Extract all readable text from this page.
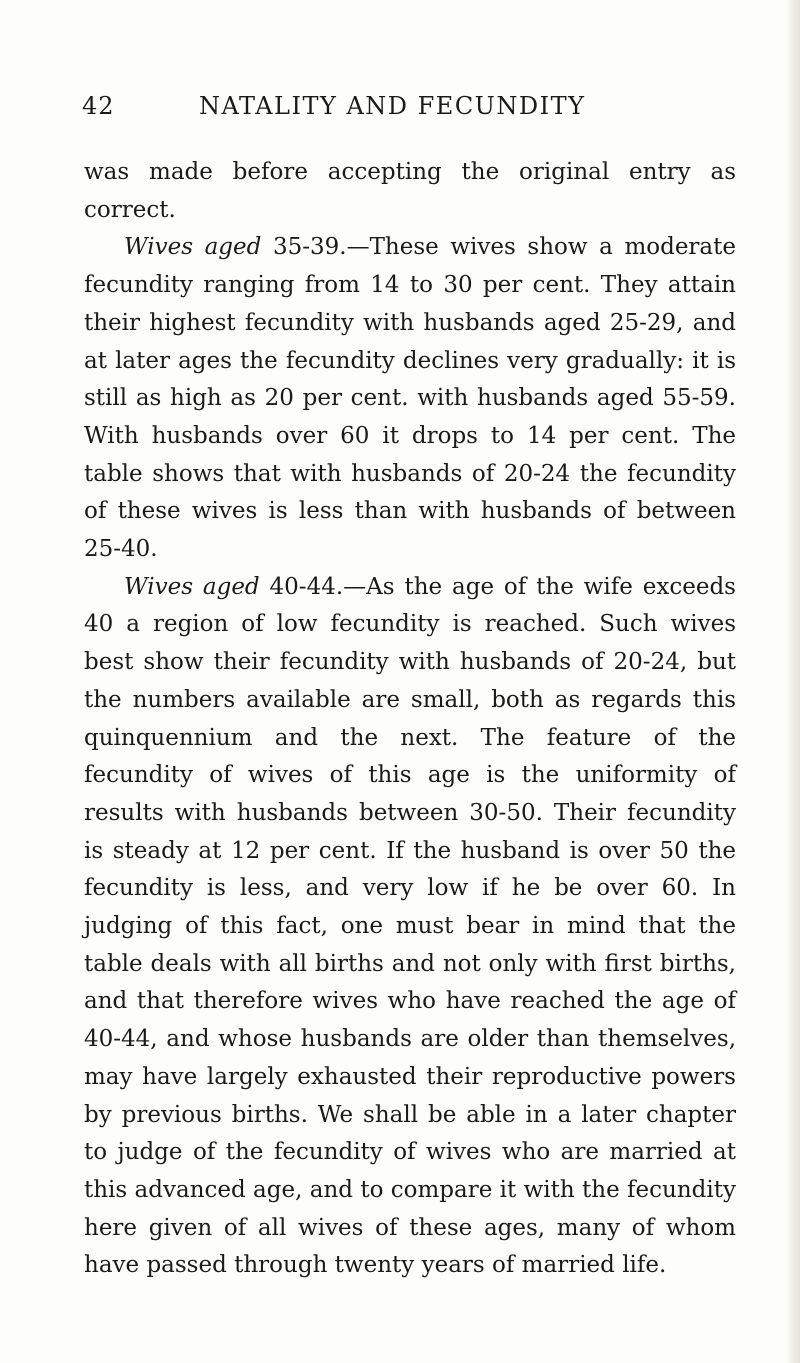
42	NATALITY AND FECUNDITY

was made before accepting the original entry as correct.

Wives aged 35-39.—These wives show a moderate fecundity ranging from 14 to 30 per cent. They attain their highest fecundity with husbands aged 25-29, and at later ages the fecundity declines very gradually: it is still as high as 20 per cent. with husbands aged 55-59. With husbands over 60 it drops to 14 per cent. The table shows that with husbands of 20-24 the fecundity of these wives is less than with husbands of between 25-40.

Wives aged 40-44.—As the age of the wife exceeds 40 a region of low fecundity is reached. Such wives best show their fecundity with husbands of 20-24, but the numbers available are small, both as regards this quinquennium and the next. The feature of the fecundity of wives of this age is the uniformity of results with husbands between 30-50. Their fecundity is steady at 12 per cent. If the husband is over 50 the fecundity is less, and very low if he be over 60. In judging of this fact, one must bear in mind that the table deals with all births and not only with first births, and that therefore wives who have reached the age of 40-44, and whose husbands are older than themselves, may have largely exhausted their reproductive powers by previous births. We shall be able in a later chapter to judge of the fecundity of wives who are married at this advanced age, and to compare it with the fecundity here given of all wives of these ages, many of whom have passed through twenty years of married life.
